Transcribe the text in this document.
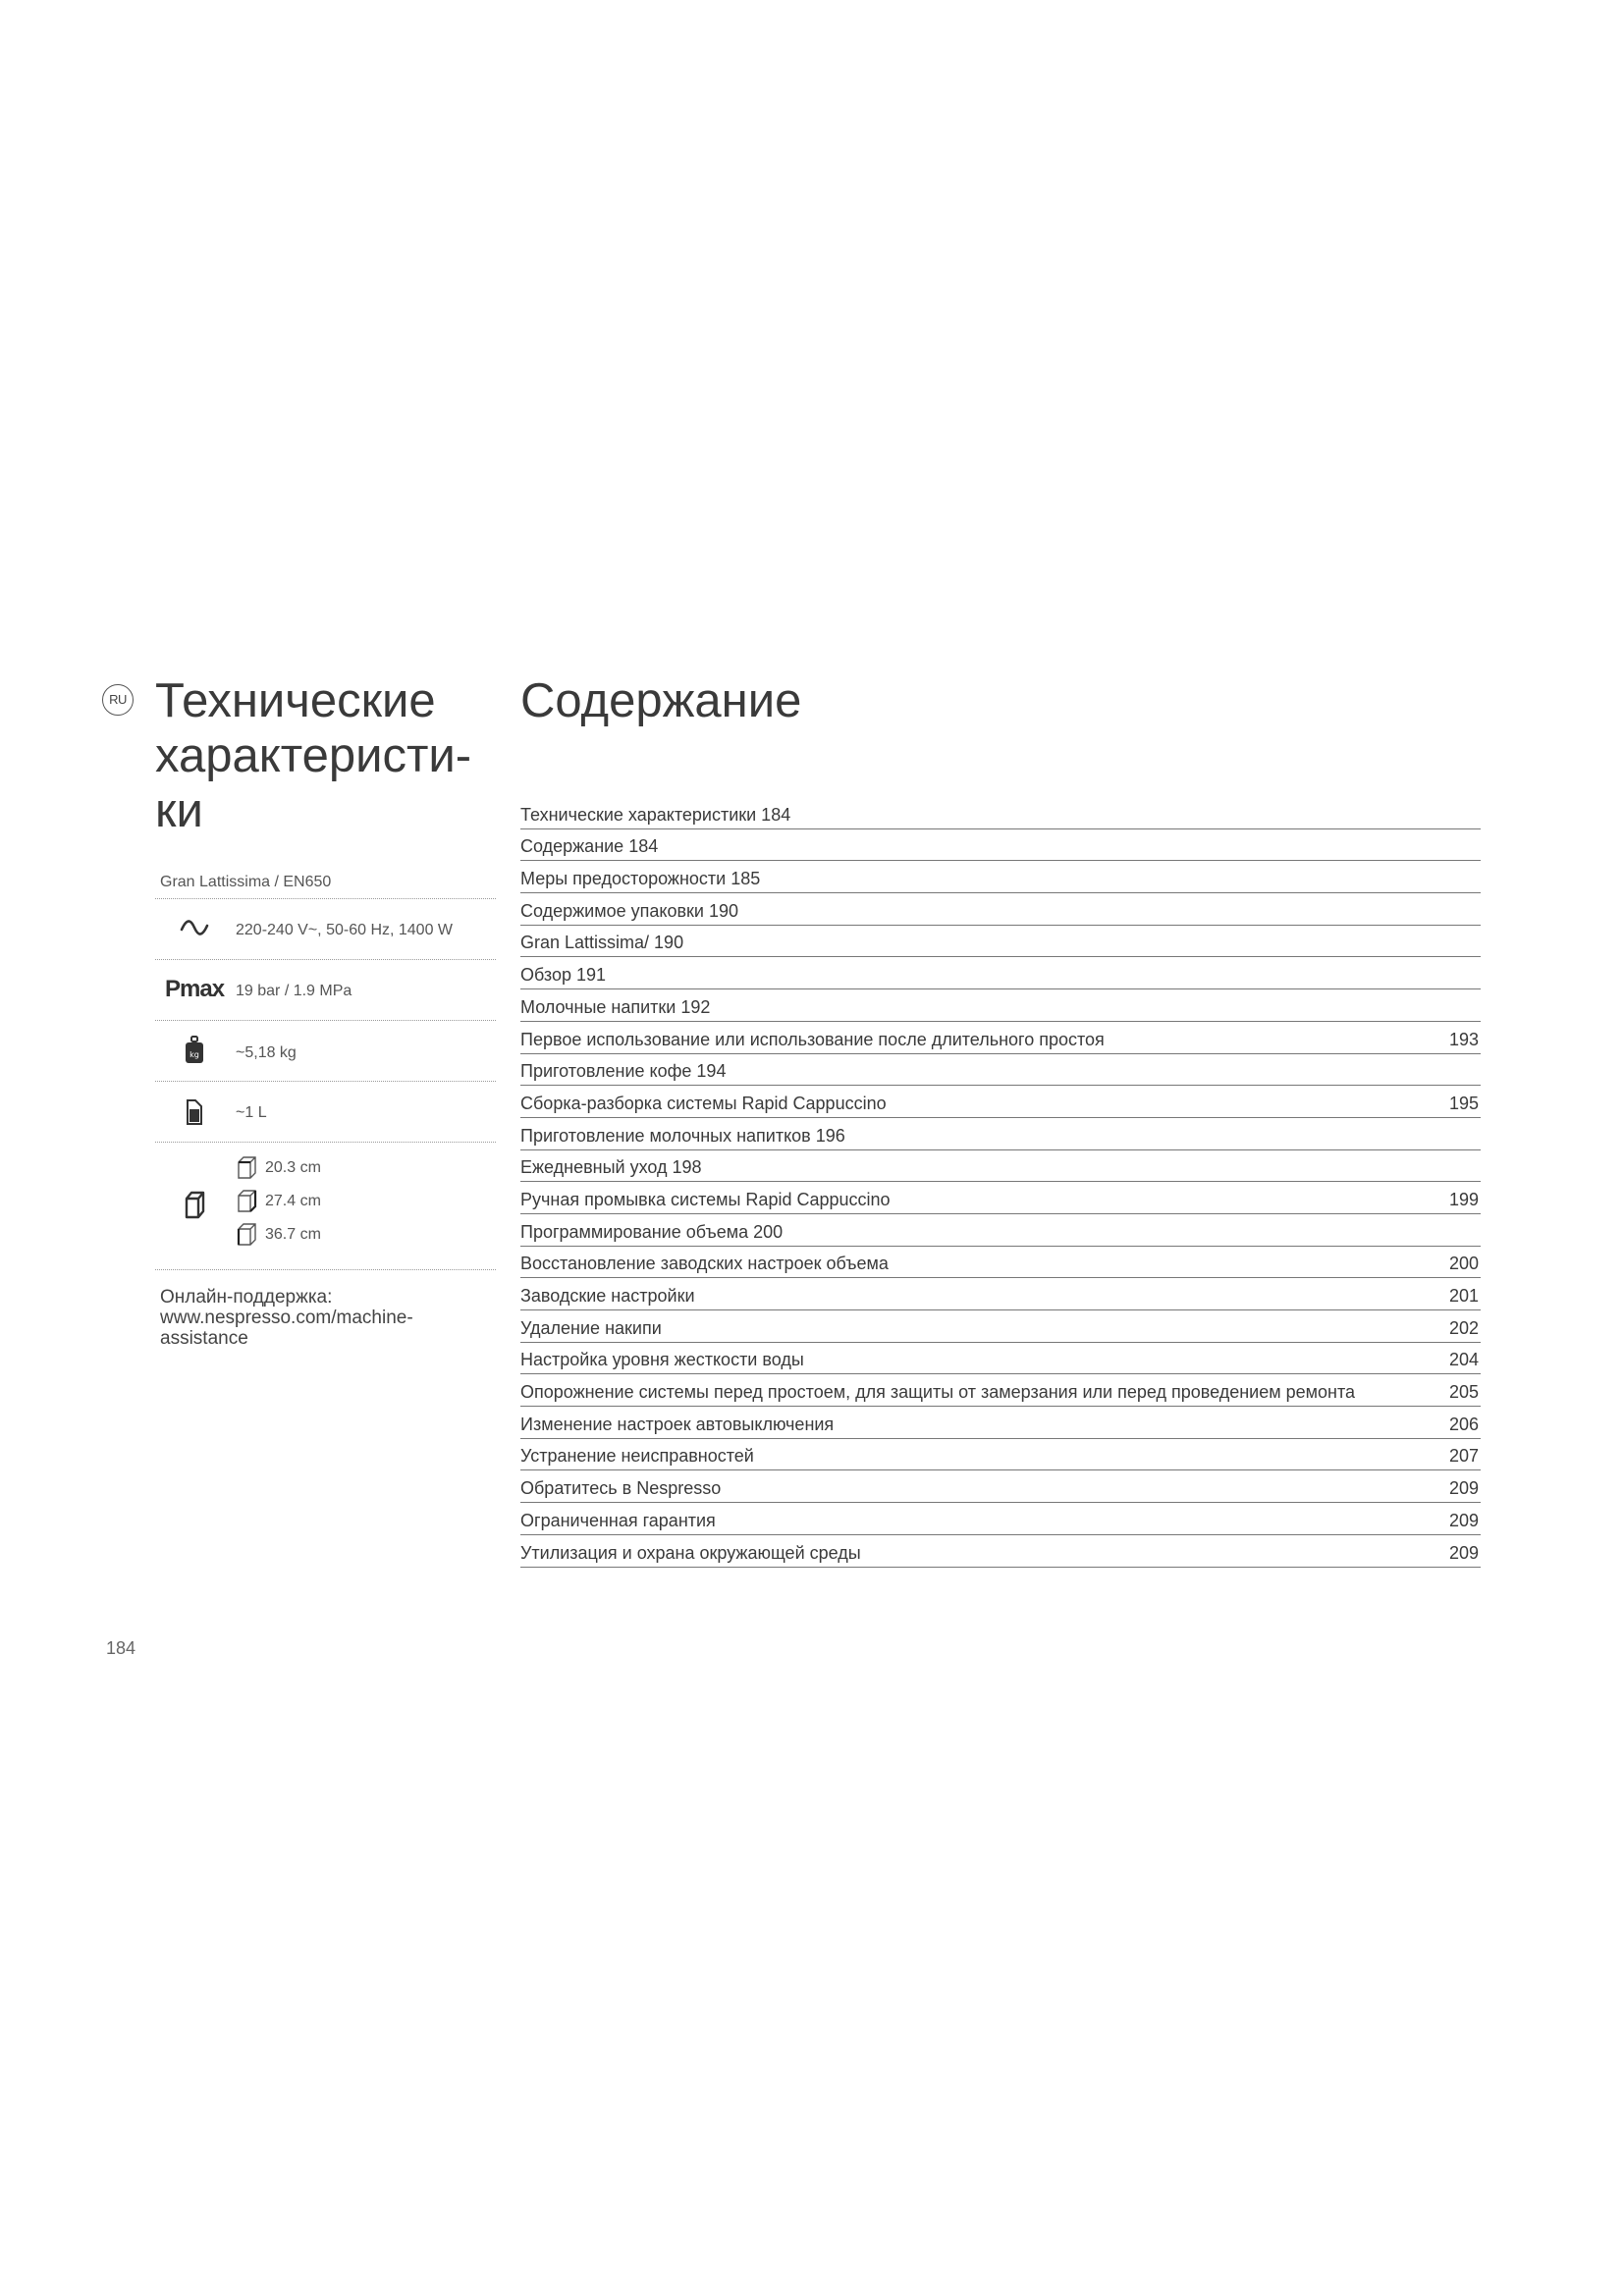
RU Технические
характеристи-
ки
Gran Lattissima / EN650
220-240 V~, 50-60 Hz, 1400 W
Pmax 19 bar / 1.9 MPa
kg ~5,18 kg
~1 L
20.3 cm
27.4 cm
36.7 cm
Онлайн-поддержка:
www.nespresso.com/machine-
assistance
184
Содержание
Технические характеристики 184
Содержание 184
Меры предосторожности 185
Содержимое упаковки 190
Gran Lattissima/ 190
Обзор 191
Молочные напитки 192
Первое использование или использование после длительного простоя	193
Приготовление кофе 194
Сборка-разборка системы Rapid Cappuccino	195
Приготовление молочных напитков 196
Ежедневный уход 198
Ручная промывка системы Rapid Cappuccino	199
Программирование объема 200
Восстановление заводских настроек объема	200
Заводские настройки	201
Удаление накипи	202
Настройка уровня жесткости воды	204
Опорожнение системы перед простоем, для защиты от замерзания или перед проведением ремонта	205
Изменение настроек автовыключения	206
Устранение неисправностей	207
Обратитесь в Nespresso	209
Ограниченная гарантия	209
Утилизация и охрана окружающей среды	209
